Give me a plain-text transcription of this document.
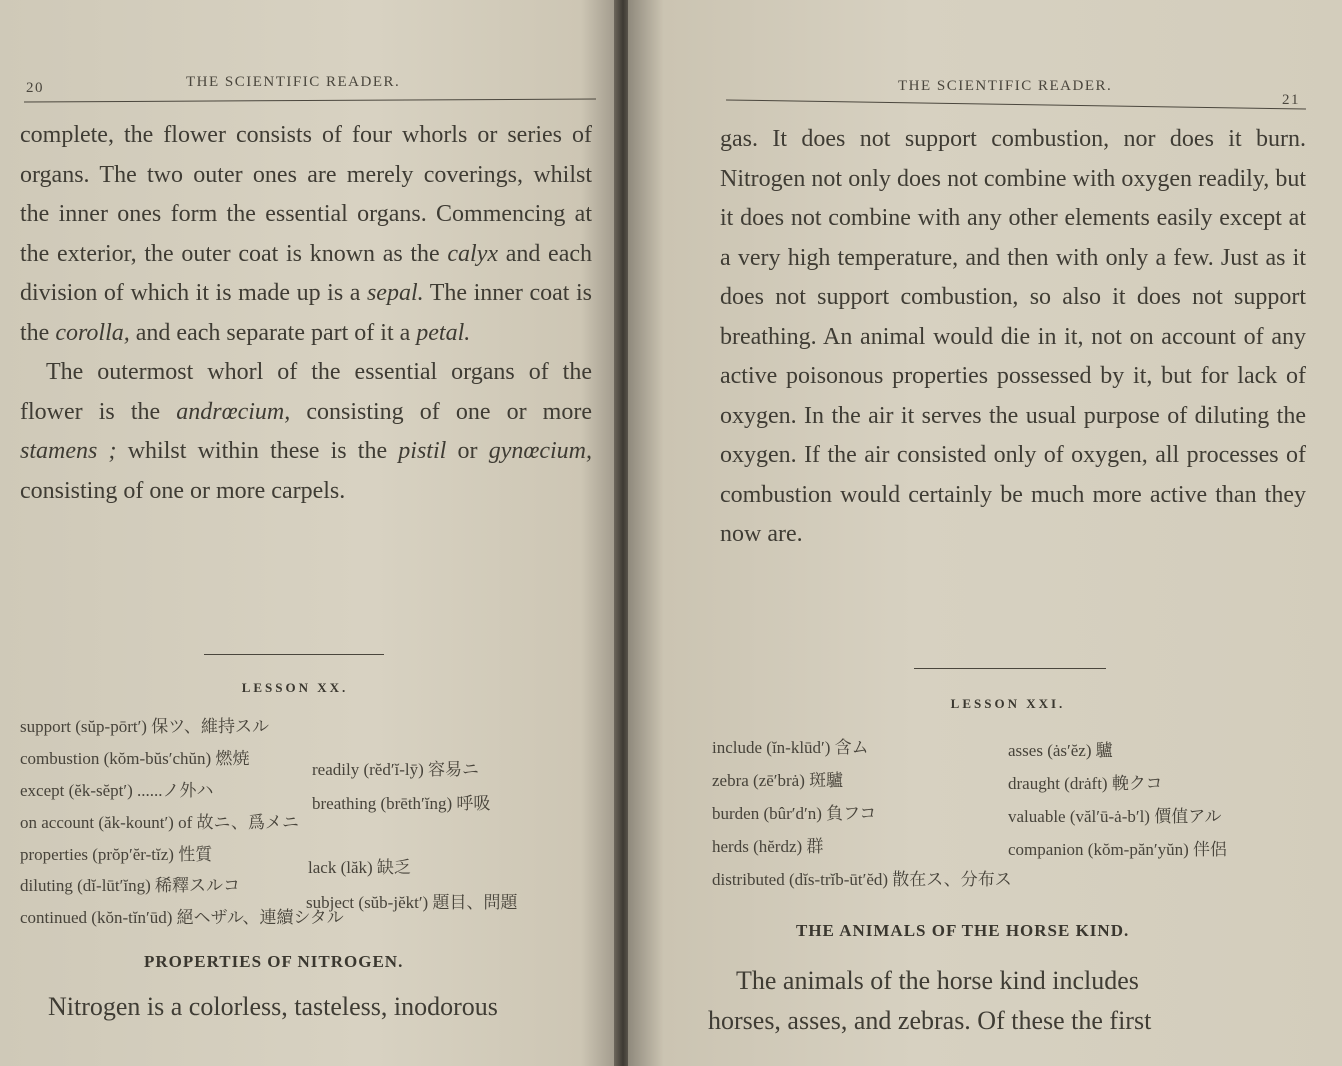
20	THE SCIENTIFIC READER.

complete, the flower consists of four whorls or series of organs. The two outer ones are merely coverings, whilst the inner ones form the essential organs. Commencing at the exterior, the outer coat is known as the calyx and each division of which it is made up is a sepal. The inner coat is the corolla, and each separate part of it a petal.

The outermost whorl of the essential organs of the flower is the andrœcium, consisting of one or more stamens ; whilst within these is the pistil or gynœcium, consisting of one or more carpels.

LESSON XX.
support (sŭp-pōrt′) 保ツ、維持スル
combustion (kŏm-bŭs′chŭn) 燃焼
except (ĕk-sĕpt′) ......ノ外ハ
on account (ăk-kount′) of 故ニ、爲メニ
properties (prŏp′ĕr-tĭz) 性質
diluting (dĭ-lūt′ĭng) 稀釋スルコ
continued (kŏn-tĭn′ūd) 絕ヘザル、連續シタル
readily (rĕd′ĭ-lȳ) 容易ニ
breathing (brēth′ĭng) 呼吸
lack (lăk) 缺乏
subject (sŭb-jĕkt′) 題目、問題
PROPERTIES OF NITROGEN.
Nitrogen is a colorless, tasteless, inodorous
THE SCIENTIFIC READER.
21

gas. It does not support combustion, nor does it burn. Nitrogen not only does not combine with oxygen readily, but it does not combine with any other elements easily except at a very high temperature, and then with only a few. Just as it does not support combustion, so also it does not support breathing. An animal would die in it, not on account of any active poisonous properties possessed by it, but for lack of oxygen. In the air it serves the usual purpose of diluting the oxygen. If the air consisted only of oxygen, all processes of combustion would certainly be much more active than they now are.

LESSON XXI.
include (ĭn-klūd′) 含ム
zebra (zē′brȧ) 斑驢
burden (bûr′d′n) 負フコ
herds (hĕrdz) 群
distributed (dĭs-trĭb-ūt′ĕd) 散在ス、分布ス
asses (ȧs′ĕz) 驢
draught (drȧft) 輓クコ
valuable (văl′ū-ȧ-b′l) 價值アル
companion (kŏm-păn′yŭn) 伴侶
THE ANIMALS OF THE HORSE KIND.
The animals of the horse kind includes
horses, asses, and zebras. Of these the first
